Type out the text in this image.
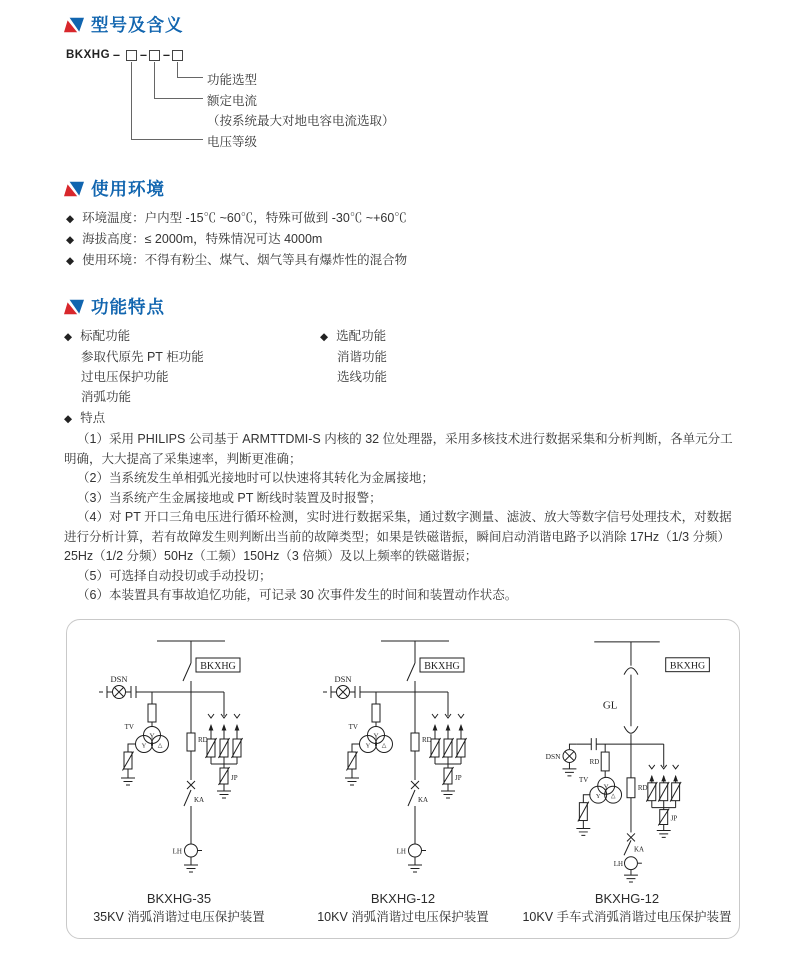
型号及含义
BKXHG – – –
功能选型
额定电流
（按系统最大对地电容电流选取）
电压等级
使用环境
◆ 环境温度：户内型 -15℃ ~60℃，特殊可做到 -30℃ ~+60℃
◆ 海拔高度：≤ 2000m，特殊情况可达 4000m
◆ 使用环境：不得有粉尘、煤气、烟气等具有爆炸性的混合物
功能特点
◆ 标配功能
参取代原先 PT 柜功能
过电压保护功能
消弧功能
◆ 选配功能
消谐功能
选线功能
◆ 特点

（1）采用 PHILIPS 公司基于 ARMTTDMI-S 内核的 32 位处理器，采用多核技术进行数据采集和分析判断，各单元分工明确，大大提高了采集速率，判断更准确；

（2）当系统发生单相弧光接地时可以快速将其转化为金属接地；

（3）当系统产生金属接地或 PT 断线时装置及时报警；

（4）对 PT 开口三角电压进行循环检测，实时进行数据采集，通过数字测量、滤波、放大等数字信号处理技术，对数据进行分析计算，若有故障发生则判断出当前的故障类型；如果是铁磁谐振，瞬间启动消谐电路予以消除 17Hz（1/3 分频）25Hz（1/2 分频）50Hz（工频）150Hz（3 倍频）及以上频率的铁磁谐振；

（5）可选择自动投切或手动投切；

（6）本装置具有事故追忆功能，可记录 30 次事件发生的时间和装置动作状态。

BKXHG
DSN
Y
Y △
TV
RD
KA
LH
JP
BKXHG-35
35KV 消弧消谐过电压保护装置
BKXHG-12
10KV 消弧消谐过电压保护装置
GL
BKXHG
DSN
RD
Y
Y △
TV
RD
KA
LH
JP
BKXHG-12
10KV 手车式消弧消谐过电压保护装置
